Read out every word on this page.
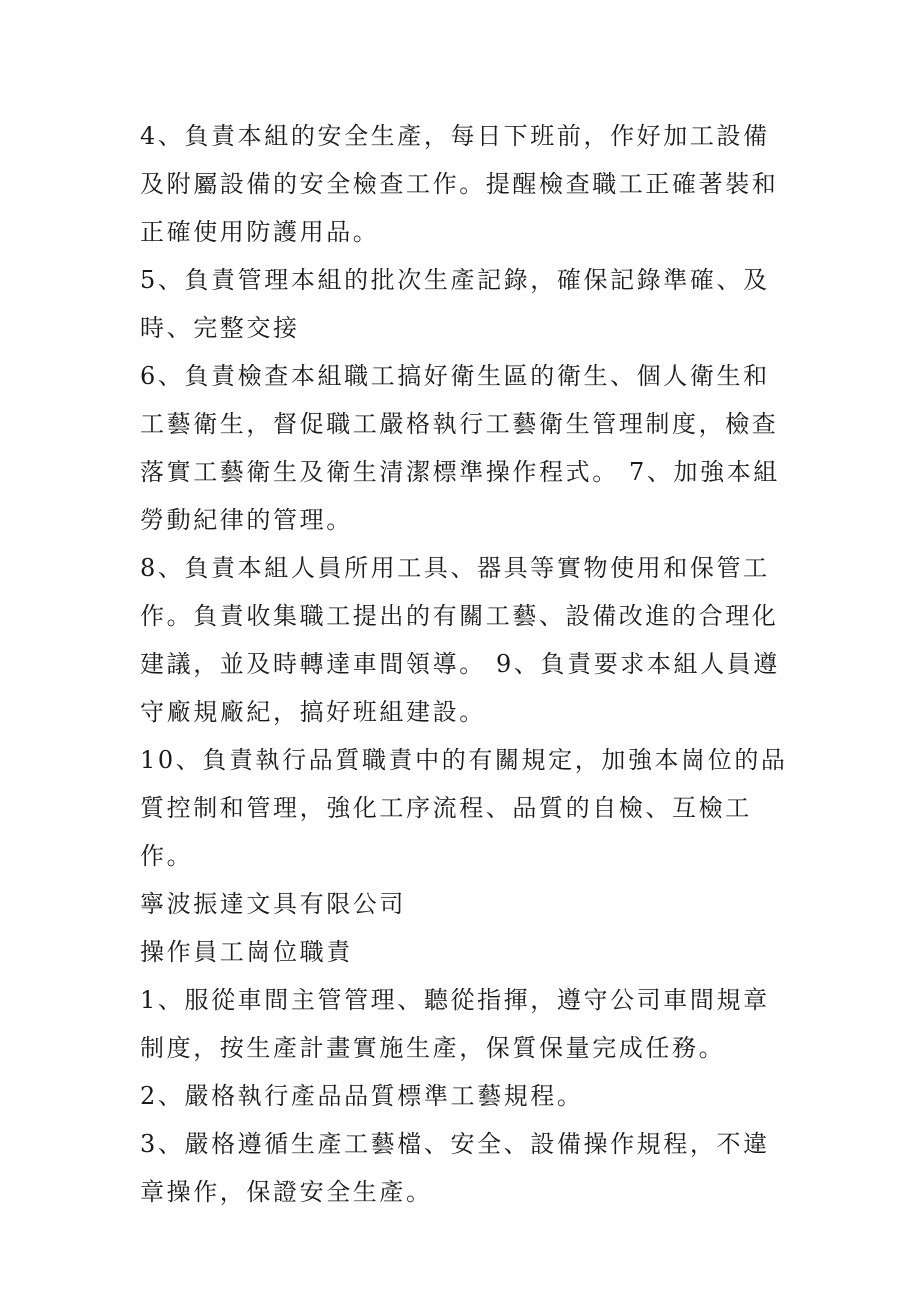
4、負責本組的安全生產，每日下班前，作好加工設備及附屬設備的安全檢查工作。提醒檢查職工正確著裝和正確使用防護用品。

5、負責管理本組的批次生產記錄，確保記錄準確、及時、完整交接

6、負責檢查本組職工搞好衛生區的衛生、個人衛生和工藝衛生，督促職工嚴格執行工藝衛生管理制度，檢查落實工藝衛生及衛生清潔標準操作程式。 7、加強本組勞動紀律的管理。

8、負責本組人員所用工具、器具等實物使用和保管工作。負責收集職工提出的有關工藝、設備改進的合理化建議，並及時轉達車間領導。 9、負責要求本組人員遵守廠規廠紀，搞好班組建設。

10、負責執行品質職責中的有關規定，加強本崗位的品質控制和管理，強化工序流程、品質的自檢、互檢工作。

寧波振達文具有限公司

操作員工崗位職責

1、服從車間主管管理、聽從指揮，遵守公司車間規章制度，按生產計畫實施生產，保質保量完成任務。

2、嚴格執行產品品質標準工藝規程。

3、嚴格遵循生產工藝檔、安全、設備操作規程，不違章操作，保證安全生產。
